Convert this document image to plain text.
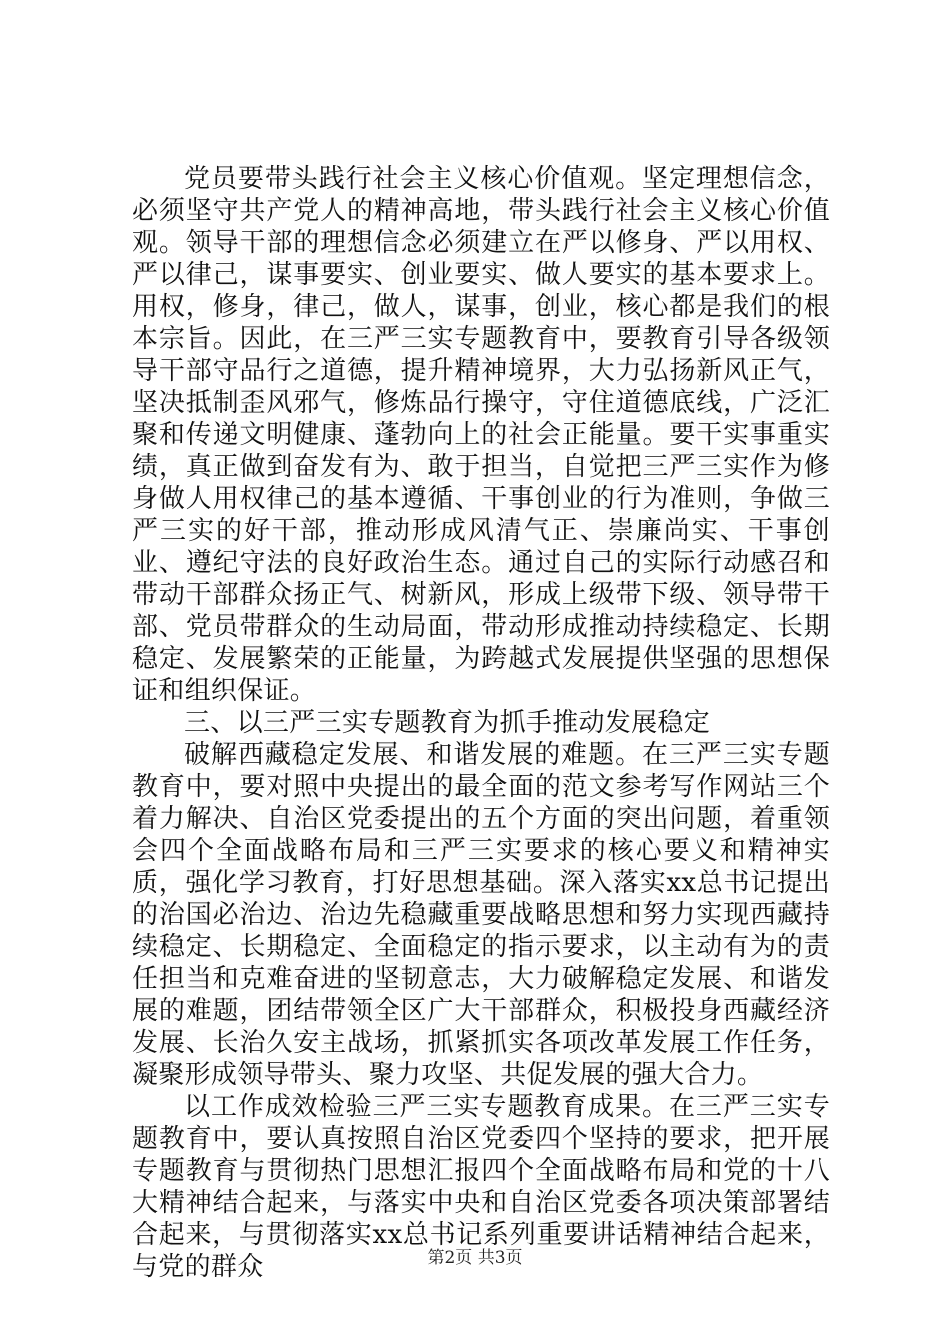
党员要带头践行社会主义核心价值观。坚定理想信念，必须坚守共产党人的精神高地，带头践行社会主义核心价值观。领导干部的理想信念必须建立在严以修身、严以用权、严以律己，谋事要实、创业要实、做人要实的基本要求上。用权，修身，律己，做人，谋事，创业，核心都是我们的根本宗旨。因此，在三严三实专题教育中，要教育引导各级领导干部守品行之道德，提升精神境界，大力弘扬新风正气，坚决抵制歪风邪气，修炼品行操守，守住道德底线，广泛汇聚和传递文明健康、蓬勃向上的社会正能量。要干实事重实绩，真正做到奋发有为、敢于担当，自觉把三严三实作为修身做人用权律己的基本遵循、干事创业的行为准则，争做三严三实的好干部，推动形成风清气正、崇廉尚实、干事创业、遵纪守法的良好政治生态。通过自己的实际行动感召和带动干部群众扬正气、树新风，形成上级带下级、领导带干部、党员带群众的生动局面，带动形成推动持续稳定、长期稳定、发展繁荣的正能量，为跨越式发展提供坚强的思想保证和组织保证。

三、以三严三实专题教育为抓手推动发展稳定

破解西藏稳定发展、和谐发展的难题。在三严三实专题教育中，要对照中央提出的最全面的范文参考写作网站三个着力解决、自治区党委提出的五个方面的突出问题，着重领会四个全面战略布局和三严三实要求的核心要义和精神实质，强化学习教育，打好思想基础。深入落实xx总书记提出的治国必治边、治边先稳藏重要战略思想和努力实现西藏持续稳定、长期稳定、全面稳定的指示要求，以主动有为的责任担当和克难奋进的坚韧意志，大力破解稳定发展、和谐发展的难题，团结带领全区广大干部群众，积极投身西藏经济发展、长治久安主战场，抓紧抓实各项改革发展工作任务，凝聚形成领导带头、聚力攻坚、共促发展的强大合力。

以工作成效检验三严三实专题教育成果。在三严三实专题教育中，要认真按照自治区党委四个坚持的要求，把开展专题教育与贯彻热门思想汇报四个全面战略布局和党的十八大精神结合起来，与落实中央和自治区党委各项决策部署结合起来，与贯彻落实xx总书记系列重要讲话精神结合起来，与党的群众	第2页 共3页
